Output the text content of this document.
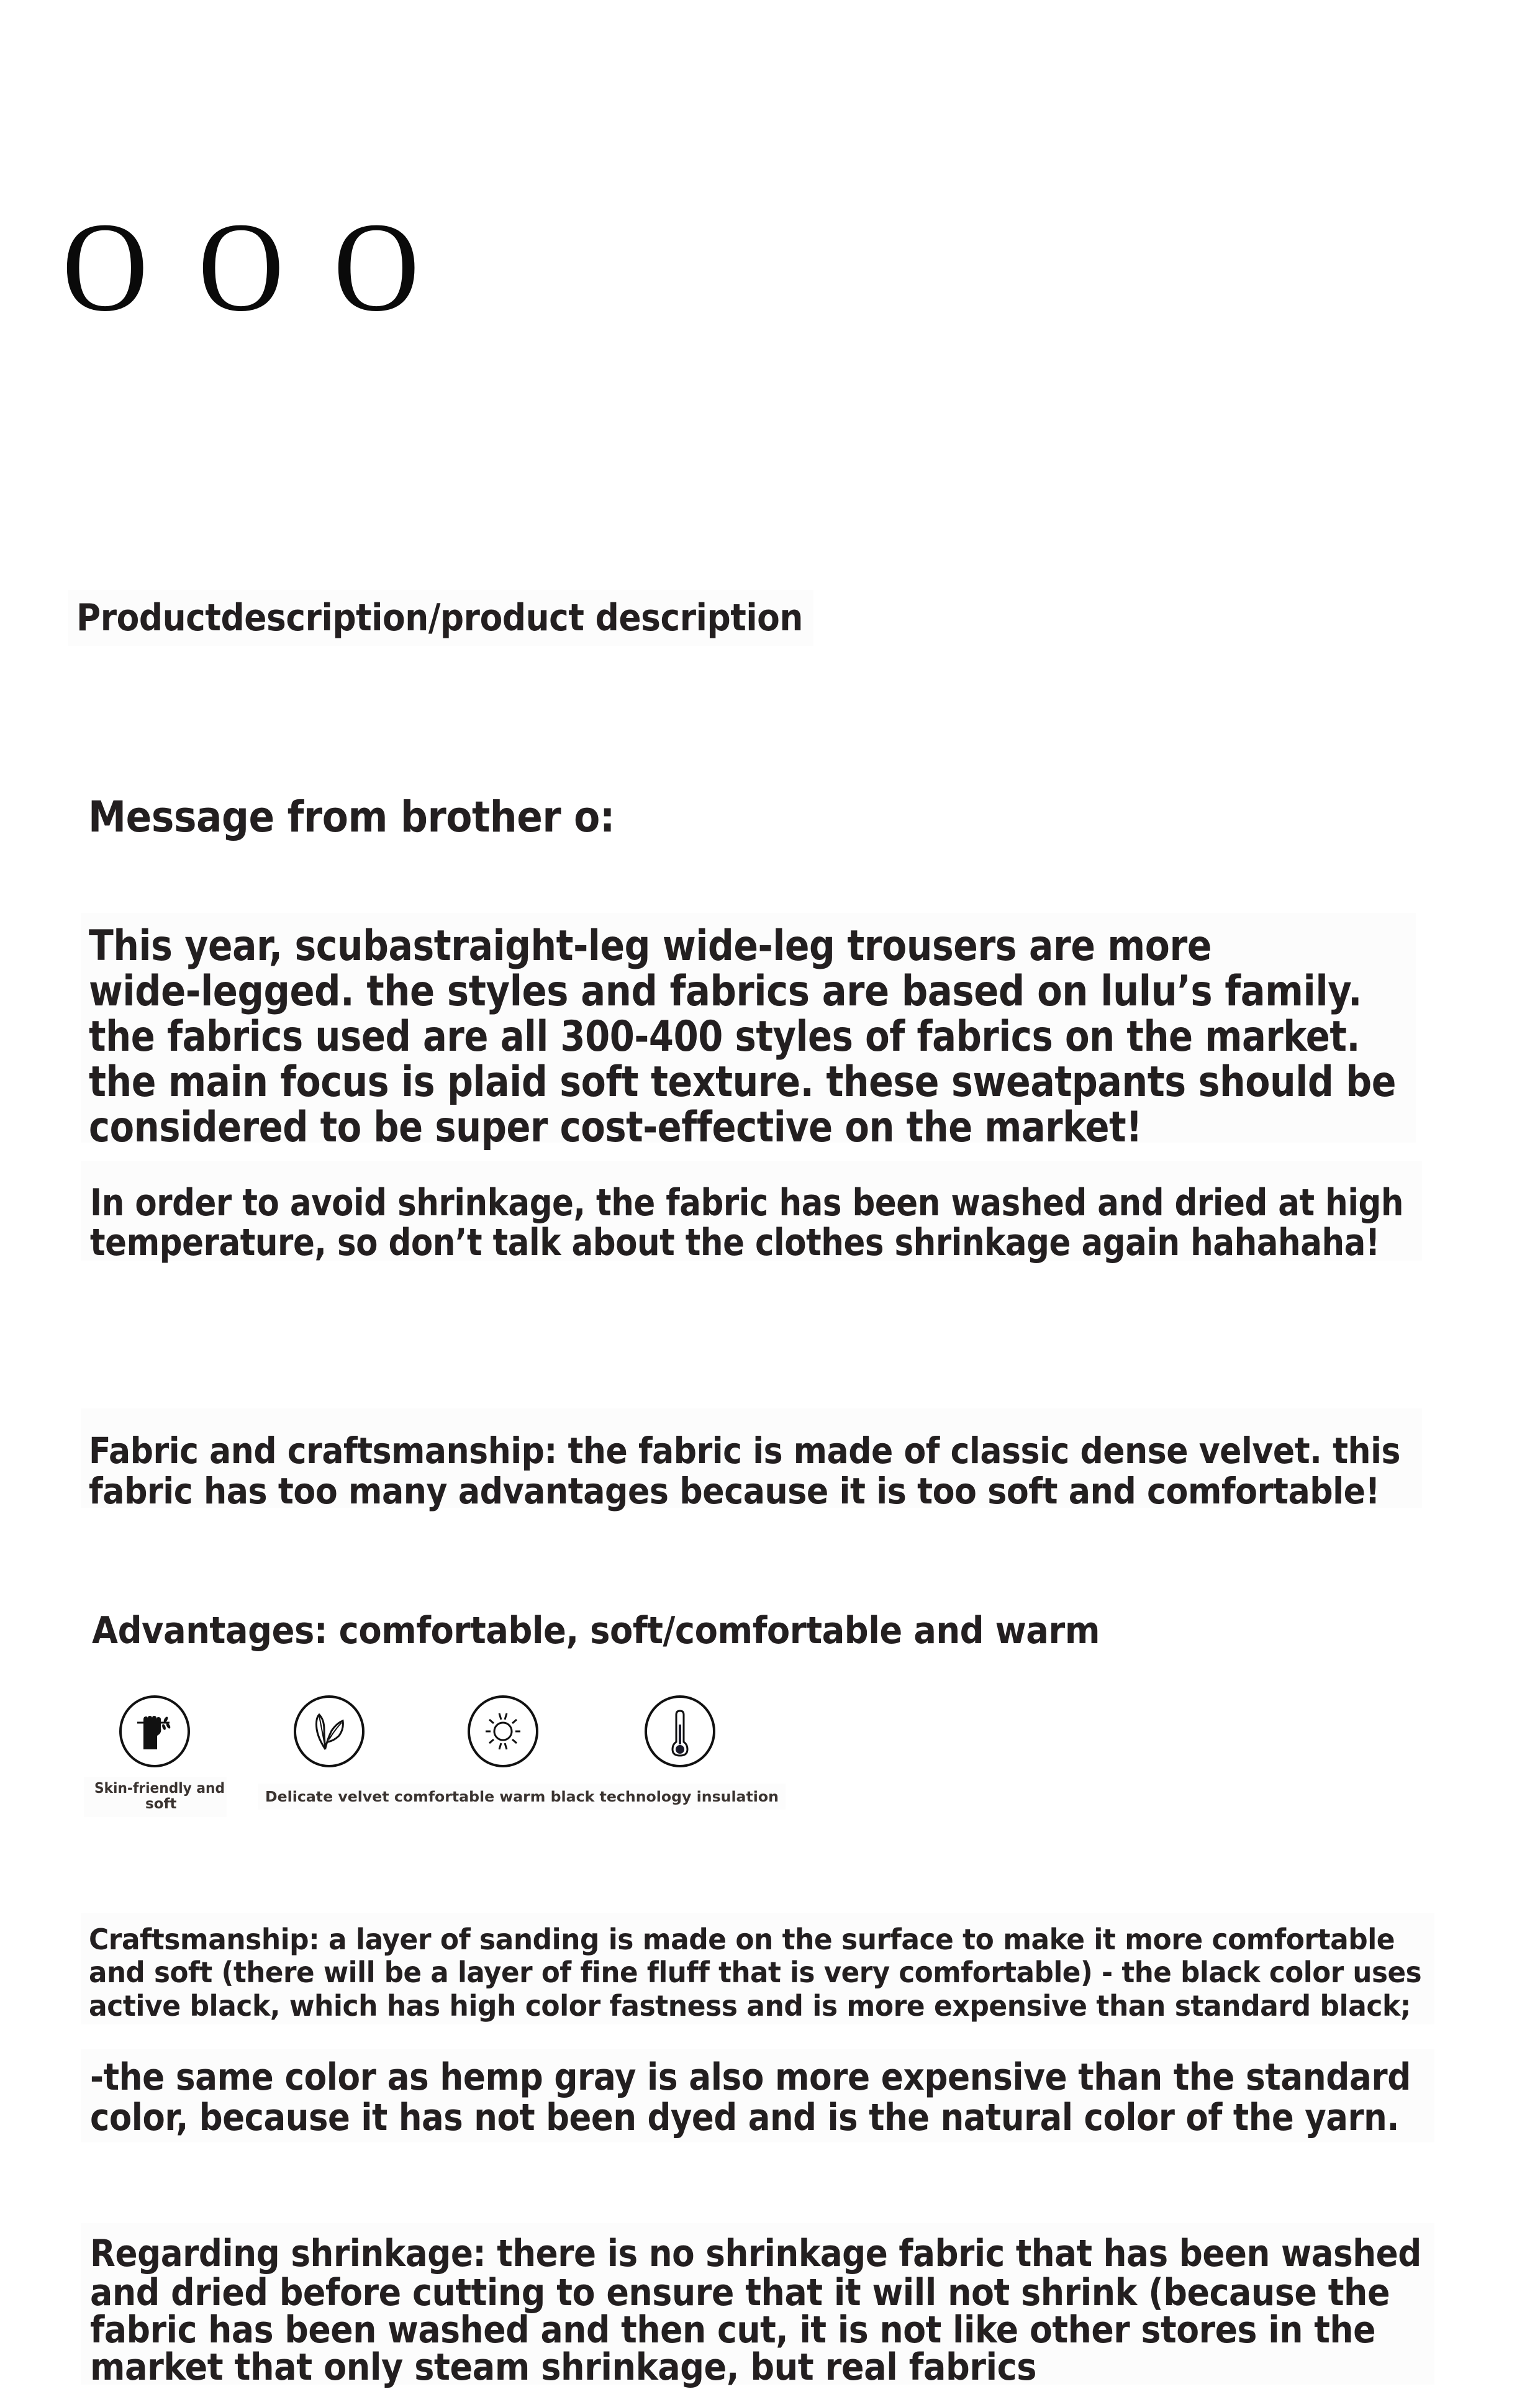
O O O
Productdescription/product description
Message from brother o:
This year, scubastraight-leg wide-leg trousers are more
wide-legged. the styles and fabrics are based on lulu’s family.
the fabrics used are all 300-400 styles of fabrics on the market.
the main focus is plaid soft texture. these sweatpants should be
considered to be super cost-effective on the market!
In order to avoid shrinkage, the fabric has been washed and dried at high
temperature, so don’t talk about the clothes shrinkage again hahahaha!
Fabric and craftsmanship: the fabric is made of classic dense velvet. this
fabric has too many advantages because it is too soft and comfortable!
Advantages: comfortable, soft/comfortable and warm
Skin-friendly and
soft	Delicate velvet comfortable warm black technology insulation
Craftsmanship: a layer of sanding is made on the surface to make it more comfortable
and soft (there will be a layer of fine fluff that is very comfortable) - the black color uses
active black, which has high color fastness and is more expensive than standard black;
-the same color as hemp gray is also more expensive than the standard
color, because it has not been dyed and is the natural color of the yarn.
Regarding shrinkage: there is no shrinkage fabric that has been washed
and dried before cutting to ensure that it will not shrink (because the
fabric has been washed and then cut, it is not like other stores in the
market that only steam shrinkage, but real fabrics
